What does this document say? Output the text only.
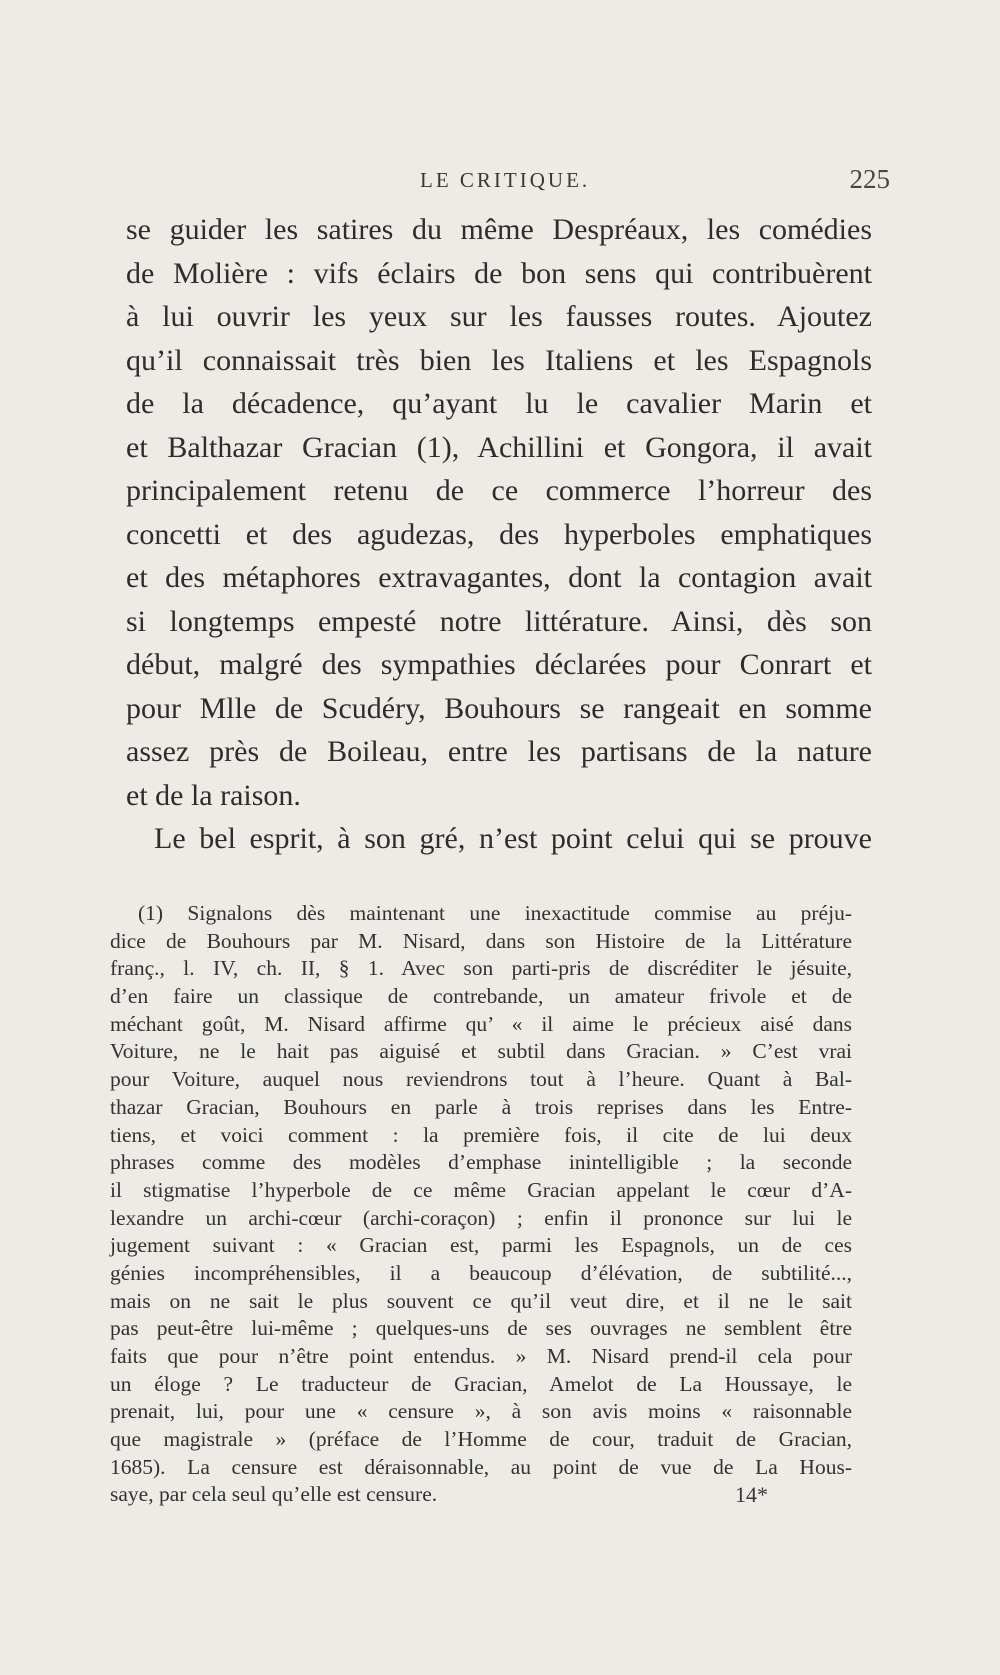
LE CRITIQUE.	225
se guider les satires du même Despréaux, les comédies
de Molière : vifs éclairs de bon sens qui contribuèrent
à lui ouvrir les yeux sur les fausses routes. Ajoutez
qu’il connaissait très bien les Italiens et les Espagnols
de la décadence, qu’ayant lu le cavalier Marin et
et Balthazar Gracian (1), Achillini et Gongora, il avait
principalement retenu de ce commerce l’horreur des
concetti et des agudezas, des hyperboles emphatiques
et des métaphores extravagantes, dont la contagion avait
si longtemps empesté notre littérature. Ainsi, dès son
début, malgré des sympathies déclarées pour Conrart et
pour Mlle de Scudéry, Bouhours se rangeait en somme
assez près de Boileau, entre les partisans de la nature
et de la raison.
Le bel esprit, à son gré, n’est point celui qui se prouve
(1) Signalons dès maintenant une inexactitude commise au préju-
dice de Bouhours par M. Nisard, dans son Histoire de la Littérature
franç., l. IV, ch. II, § 1. Avec son parti-pris de discréditer le jésuite,
d’en faire un classique de contrebande, un amateur frivole et de
méchant goût, M. Nisard affirme qu’ « il aime le précieux aisé dans
Voiture, ne le hait pas aiguisé et subtil dans Gracian. » C’est vrai
pour Voiture, auquel nous reviendrons tout à l’heure. Quant à Bal-
thazar Gracian, Bouhours en parle à trois reprises dans les Entre-
tiens, et voici comment : la première fois, il cite de lui deux
phrases comme des modèles d’emphase inintelligible ; la seconde
il stigmatise l’hyperbole de ce même Gracian appelant le cœur d’A-
lexandre un archi-cœur (archi-coraçon) ; enfin il prononce sur lui le
jugement suivant : « Gracian est, parmi les Espagnols, un de ces
génies incompréhensibles, il a beaucoup d’élévation, de subtilité...,
mais on ne sait le plus souvent ce qu’il veut dire, et il ne le sait
pas peut-être lui-même ; quelques-uns de ses ouvrages ne semblent être
faits que pour n’être point entendus. » M. Nisard prend-il cela pour
un éloge ? Le traducteur de Gracian, Amelot de La Houssaye, le
prenait, lui, pour une « censure », à son avis moins « raisonnable
que magistrale » (préface de l’Homme de cour, traduit de Gracian,
1685). La censure est déraisonnable, au point de vue de La Hous-
saye, par cela seul qu’elle est censure.	14*
